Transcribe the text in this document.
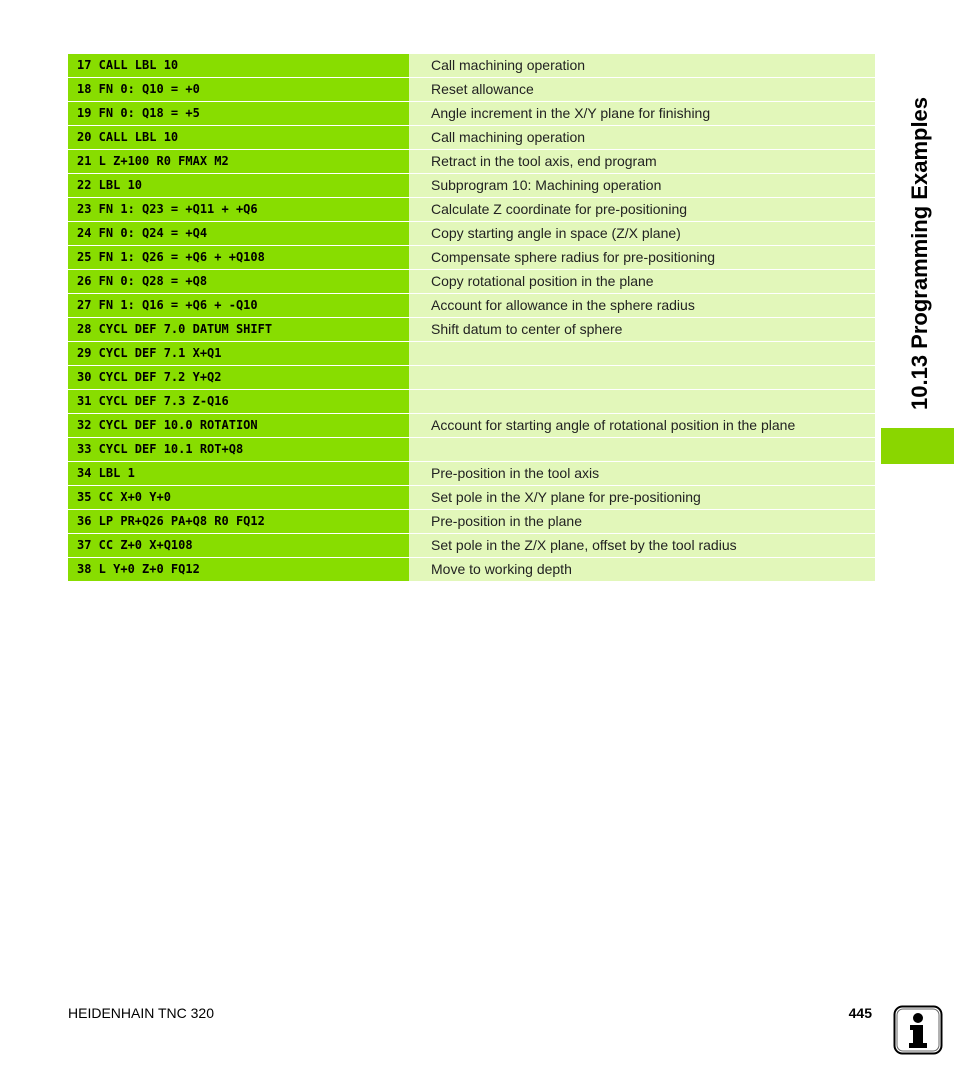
17 CALL LBL 10	Call machining operation
18 FN 0: Q10 = +0	Reset allowance
19 FN 0: Q18 = +5	Angle increment in the X/Y plane for finishing
20 CALL LBL 10	Call machining operation
21 L Z+100 R0 FMAX M2	Retract in the tool axis, end program
22 LBL 10	Subprogram 10: Machining operation
23 FN 1: Q23 = +Q11 + +Q6	Calculate Z coordinate for pre-positioning
24 FN 0: Q24 = +Q4	Copy starting angle in space (Z/X plane)
25 FN 1: Q26 = +Q6 + +Q108	Compensate sphere radius for pre-positioning
26 FN 0: Q28 = +Q8	Copy rotational position in the plane
27 FN 1: Q16 = +Q6 + -Q10	Account for allowance in the sphere radius
28 CYCL DEF 7.0 DATUM SHIFT	Shift datum to center of sphere
29 CYCL DEF 7.1 X+Q1
30 CYCL DEF 7.2 Y+Q2
31 CYCL DEF 7.3 Z-Q16
32 CYCL DEF 10.0 ROTATION	Account for starting angle of rotational position in the plane
33 CYCL DEF 10.1 ROT+Q8
34 LBL 1	Pre-position in the tool axis
35 CC X+0 Y+0	Set pole in the X/Y plane for pre-positioning
36 LP PR+Q26 PA+Q8 R0 FQ12	Pre-position in the plane
37 CC Z+0 X+Q108	Set pole in the Z/X plane, offset by the tool radius
38 L Y+0 Z+0 FQ12	Move to working depth
10.13 Programming Examples
HEIDENHAIN TNC 320	445
